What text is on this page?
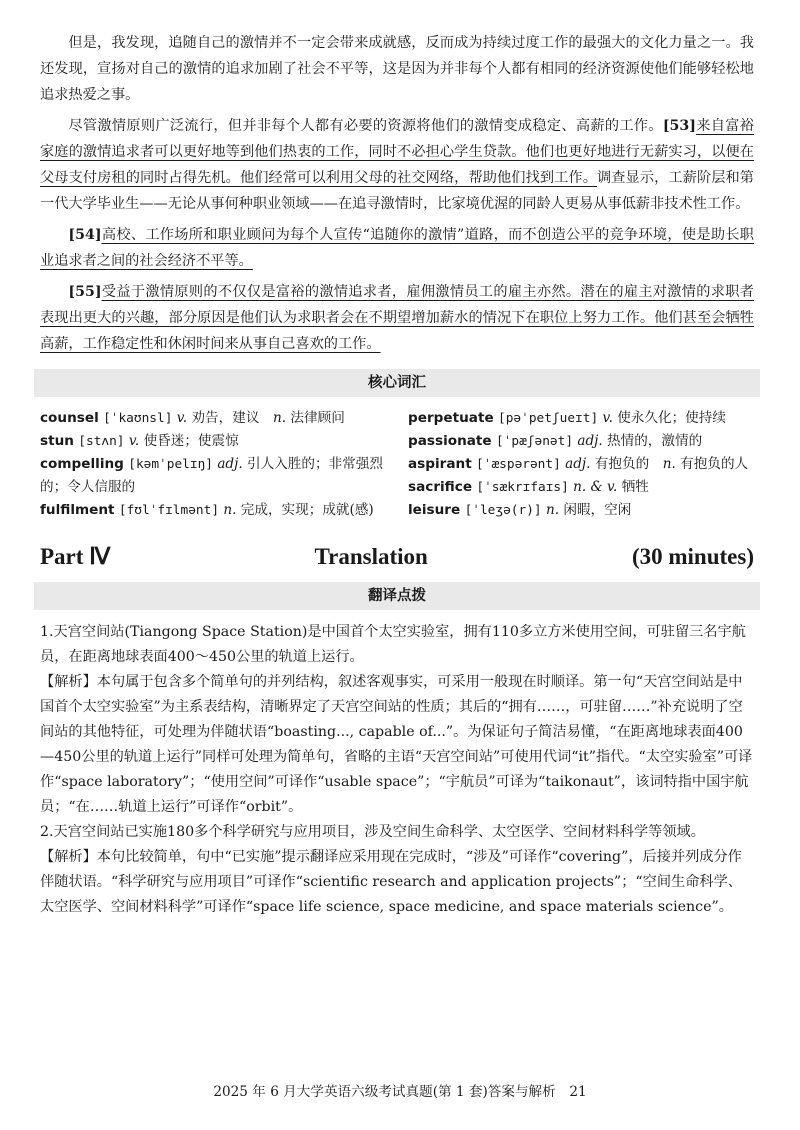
但是，我发现，追随自己的激情并不一定会带来成就感，反而成为持续过度工作的最强大的文化力量之一。我还发现，宣扬对自己的激情的追求加剧了社会不平等，这是因为并非每个人都有相同的经济资源使他们能够轻松地追求热爱之事。

尽管激情原则广泛流行，但并非每个人都有必要的资源将他们的激情变成稳定、高薪的工作。[53]来自富裕家庭的激情追求者可以更好地等到他们热衷的工作，同时不必担心学生贷款。他们也更好地进行无薪实习，以便在父母支付房租的同时占得先机。他们经常可以利用父母的社交网络，帮助他们找到工作。调查显示，工薪阶层和第一代大学毕业生——无论从事何种职业领域——在追寻激情时，比家境优渥的同龄人更易从事低薪非技术性工作。

[54]高校、工作场所和职业顾问为每个人宣传“追随你的激情”道路，而不创造公平的竞争环境，使是助长职业追求者之间的社会经济不平等。

[55]受益于激情原则的不仅仅是富裕的激情追求者，雇佣激情员工的雇主亦然。潜在的雇主对激情的求职者表现出更大的兴趣，部分原因是他们认为求职者会在不期望增加薪水的情况下在职位上努力工作。他们甚至会牺牲高薪，工作稳定性和休闲时间来从事自己喜欢的工作。

核心词汇
counsel [ˈkaʊnsl] v. 劝告，建议　 n. 法律顾问
stun [stʌn] v. 使昏迷；使震惊　
compelling [kəmˈpelɪŋ] adj. 引人入胜的；非常强烈的；令人信服的　
fulfilment [fʊlˈfɪlmənt] n. 完成，实现；成就(感)　
perpetuate [pəˈpetʃueɪt] v. 使永久化；使持续　
passionate [ˈpæʃənət] adj. 热情的，激情的　
aspirant [ˈæspərənt] adj. 有抱负的　 n. 有抱负的人
sacrifice [ˈsækrɪfaɪs] n. & v. 牺牲　
leisure [ˈleʒə(r)] n. 闲暇，空闲　
Part Ⅳ	Translation	(30 minutes)
翻译点拨

1.天宫空间站(Tiangong Space Station)是中国首个太空实验室，拥有110多立方米使用空间，可驻留三名宇航员，在距离地球表面400～450公里的轨道上运行。

【解析】本句属于包含多个简单句的并列结构，叙述客观事实，可采用一般现在时顺译。第一句“天宫空间站是中国首个太空实验室”为主系表结构，清晰界定了天宫空间站的性质；其后的“拥有……，可驻留……”补充说明了空间站的其他特征，可处理为伴随状语“boasting..., capable of...”。为保证句子简洁易懂，“在距离地球表面400—450公里的轨道上运行”同样可处理为简单句，省略的主语“天宫空间站”可使用代词“it”指代。“太空实验室”可译作“space laboratory”；“使用空间”可译作“usable space”；“宇航员”可译为“taikonaut”，该词特指中国宇航员；“在……轨道上运行”可译作“orbit”。

2.天宫空间站已实施180多个科学研究与应用项目，涉及空间生命科学、太空医学、空间材料科学等领域。

【解析】本句比较简单，句中“已实施”提示翻译应采用现在完成时，“涉及”可译作“covering”，后接并列成分作伴随状语。“科学研究与应用项目”可译作“scientific research and application projects”；“空间生命科学、太空医学、空间材料科学”可译作“space life science, space medicine, and space materials science”。

2025 年 6 月大学英语六级考试真题(第 1 套)答案与解析　21
